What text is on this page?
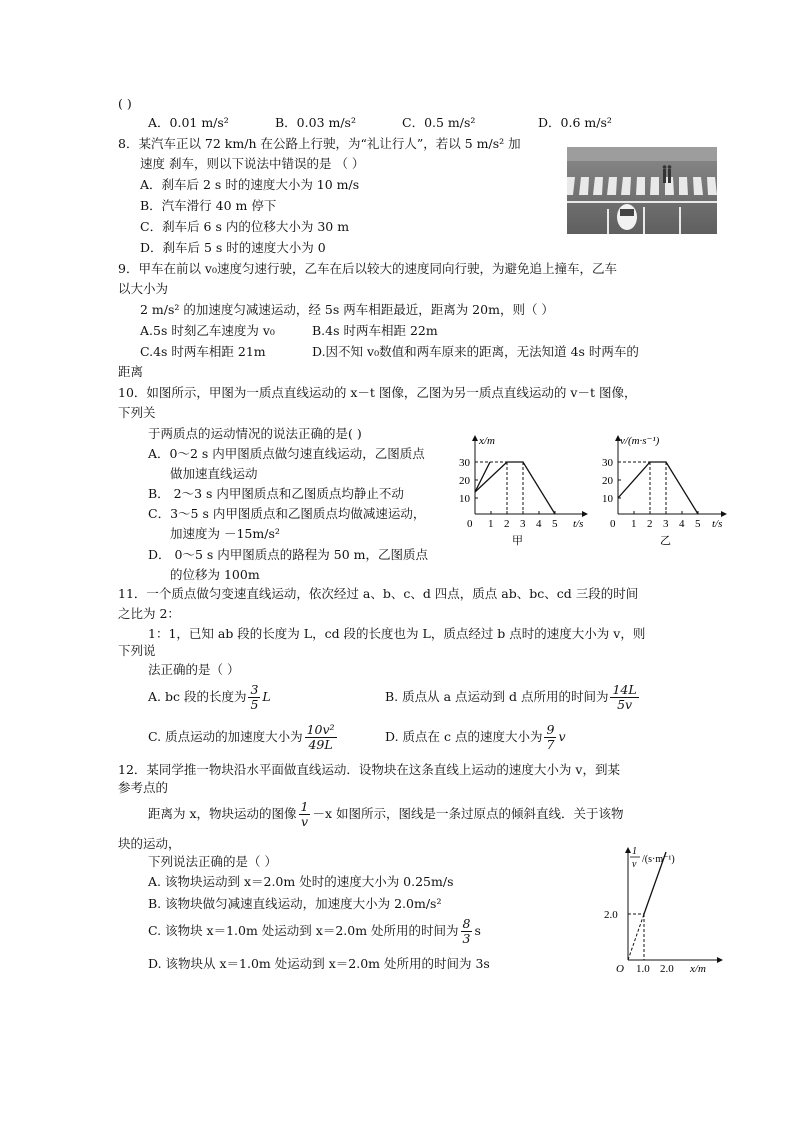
( )
A．0.01 m/s²	B．0.03 m/s²	C．0.5 m/s²	D．0.6 m/s²
8．某汽车正以 72 km/h 在公路上行驶，为“礼让行人”，若以 5 m/s² 加
速度 刹车，则以下说法中错误的是 （ ）
A．刹车后 2 s 时的速度大小为 10 m/s
B．汽车滑行 40 m 停下
C．刹车后 6 s 内的位移大小为 30 m
D．刹车后 5 s 时的速度大小为 0
9．甲车在前以 v₀速度匀速行驶，乙车在后以较大的速度同向行驶，为避免追上撞车，乙车
以大小为
2 m/s² 的加速度匀减速运动，经 5s 两车相距最近，距离为 20m，则（ ）
A.5s 时刻乙车速度为 v₀	B.4s 时两车相距 22m
C.4s 时两车相距 21m	D.因不知 v₀数值和两车原来的距离，无法知道 4s 时两车的
距离
10．如图所示，甲图为一质点直线运动的 x－t 图像，乙图为另一质点直线运动的 v－t 图像，
下列关
于两质点的运动情况的说法正确的是( )
A．0～2 s 内甲图质点做匀速直线运动，乙图质点
做加速直线运动
B． 2～3 s 内甲图质点和乙图质点均静止不动
C．3～5 s 内甲图质点和乙图质点均做减速运动，
加速度为 －15m/s²
D． 0～5 s 内甲图质点的路程为 50 m，乙图质点
的位移为 100m
x/m
10
20
30
0 1 2 3 4 5 t/s
甲
v/(m·s⁻¹)
10
20
30
0 1 2 3 4 5 t/s
乙
11．一个质点做匀变速直线运动，依次经过 a、b、c、d 四点，质点 ab、bc、cd 三段的时间
之比为 2：
1：1，已知 ab 段的长度为 L，cd 段的长度也为 L，质点经过 b 点时的速度大小为 v，则
下列说
法正确的是（ ）
A. bc 段的长度为 $\frac{3}{5}$ L	B. 质点从 a 点运动到 d 点所用的时间为 $\frac{14L}{5v}$
C. 质点运动的加速度大小为 $\frac{\text{10v²}}{49L}$	D. 质点在 c 点的速度大小为 $\frac{9}{7}$ v
12．某同学推一物块沿水平面做直线运动．设物块在这条直线上运动的速度大小为 v，到某
参考点的
距离为 x，物块运动的图像 $\frac{1}{v} -x$ 如图所示，图线是一条过原点的倾斜直线．关于该物
块的运动，
下列说法正确的是（ ）
A. 该物块运动到 x＝2.0m 处时的速度大小为 0.25m/s
B. 该物块做匀减速直线运动，加速度大小为 2.0m/s²
C. 该物块 x＝1.0m 处运动到 x＝2.0m 处所用的时间为 $\frac{8}{3}$ s
D. 该物块从 x＝1.0m 处运动到 x＝2.0m 处所用的时间为 3s
1
v /(s·m⁻¹)
2.0
O 1.0 2.0 x/m
